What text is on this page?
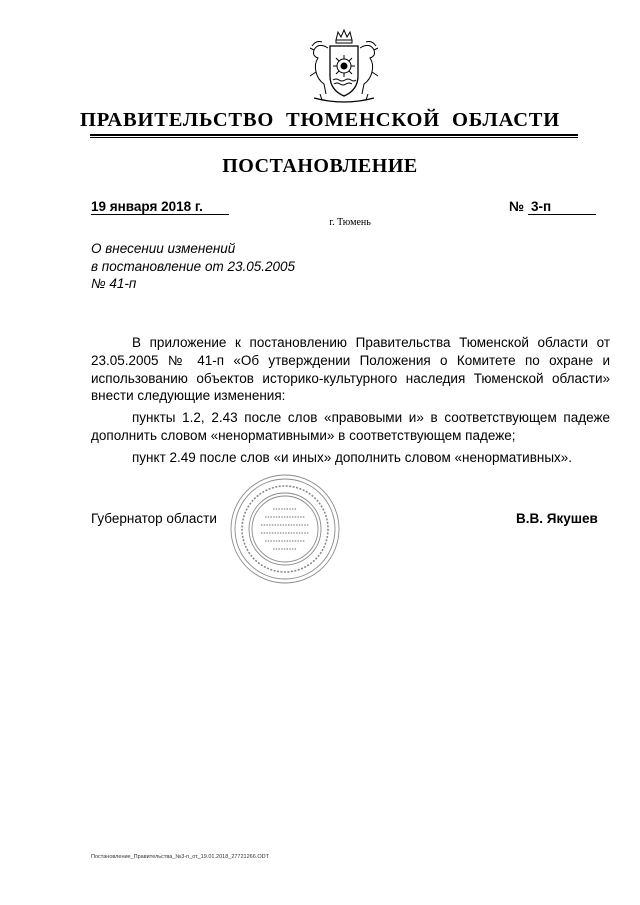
ПРАВИТЕЛЬСТВО ТЮМЕНСКОЙ ОБЛАСТИ
ПОСТАНОВЛЕНИЕ
19 января 2018 г.	№ 3-п
г. Тюмень
О внесении изменений
в постановление от 23.05.2005
№ 41-п

В приложение к постановлению Правительства Тюменской области от 23.05.2005 № 41-п «Об утверждении Положения о Комитете по охране и использованию объектов историко-культурного наследия Тюменской области» внести следующие изменения:

пункты 1.2, 2.43 после слов «правовыми и» в соответствующем падеже дополнить словом «ненормативными» в соответствующем падеже;

пункт 2.49 после слов «и иных» дополнить словом «ненормативных».

Губернатор области	В.В. Якушев
Постановление_Правительства_№3-п_от_19.01.2018_27721266.ODT
